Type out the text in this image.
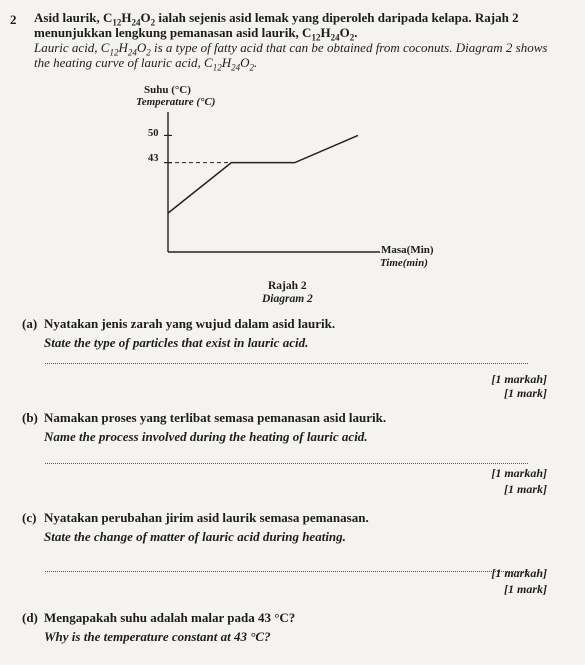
2 Asid laurik, $C_{12}H_{24}O_2$ ialah sejenis asid lemak yang diperoleh daripada kelapa. Rajah 2 menunjukkan lengkung pemanasan asid laurik, $C_{12}H_{24}O_2$.
Lauric acid, $C_{12}H_{24}O_2$ is a type of fatty acid that can be obtained from coconuts. Diagram 2 shows the heating curve of lauric acid, $C_{12}H_{24}O_2$.
Suhu (°C)
Temperature (°C)
50
43
Masa(Min)
Time(min)
Rajah 2
Diagram 2
(a) Nyatakan jenis zarah yang wujud dalam asid laurik.
State the type of particles that exist in lauric acid.
[1 markah]
[1 mark]
(b) Namakan proses yang terlibat semasa pemanasan asid laurik.
Name the process involved during the heating of lauric acid.
[1 markah]
[1 mark]
(c) Nyatakan perubahan jirim asid laurik semasa pemanasan.
State the change of matter of lauric acid during heating.
[1 markah]
[1 mark]
(d) Mengapakah suhu adalah malar pada 43 °C?
Why is the temperature constant at 43 °C?
